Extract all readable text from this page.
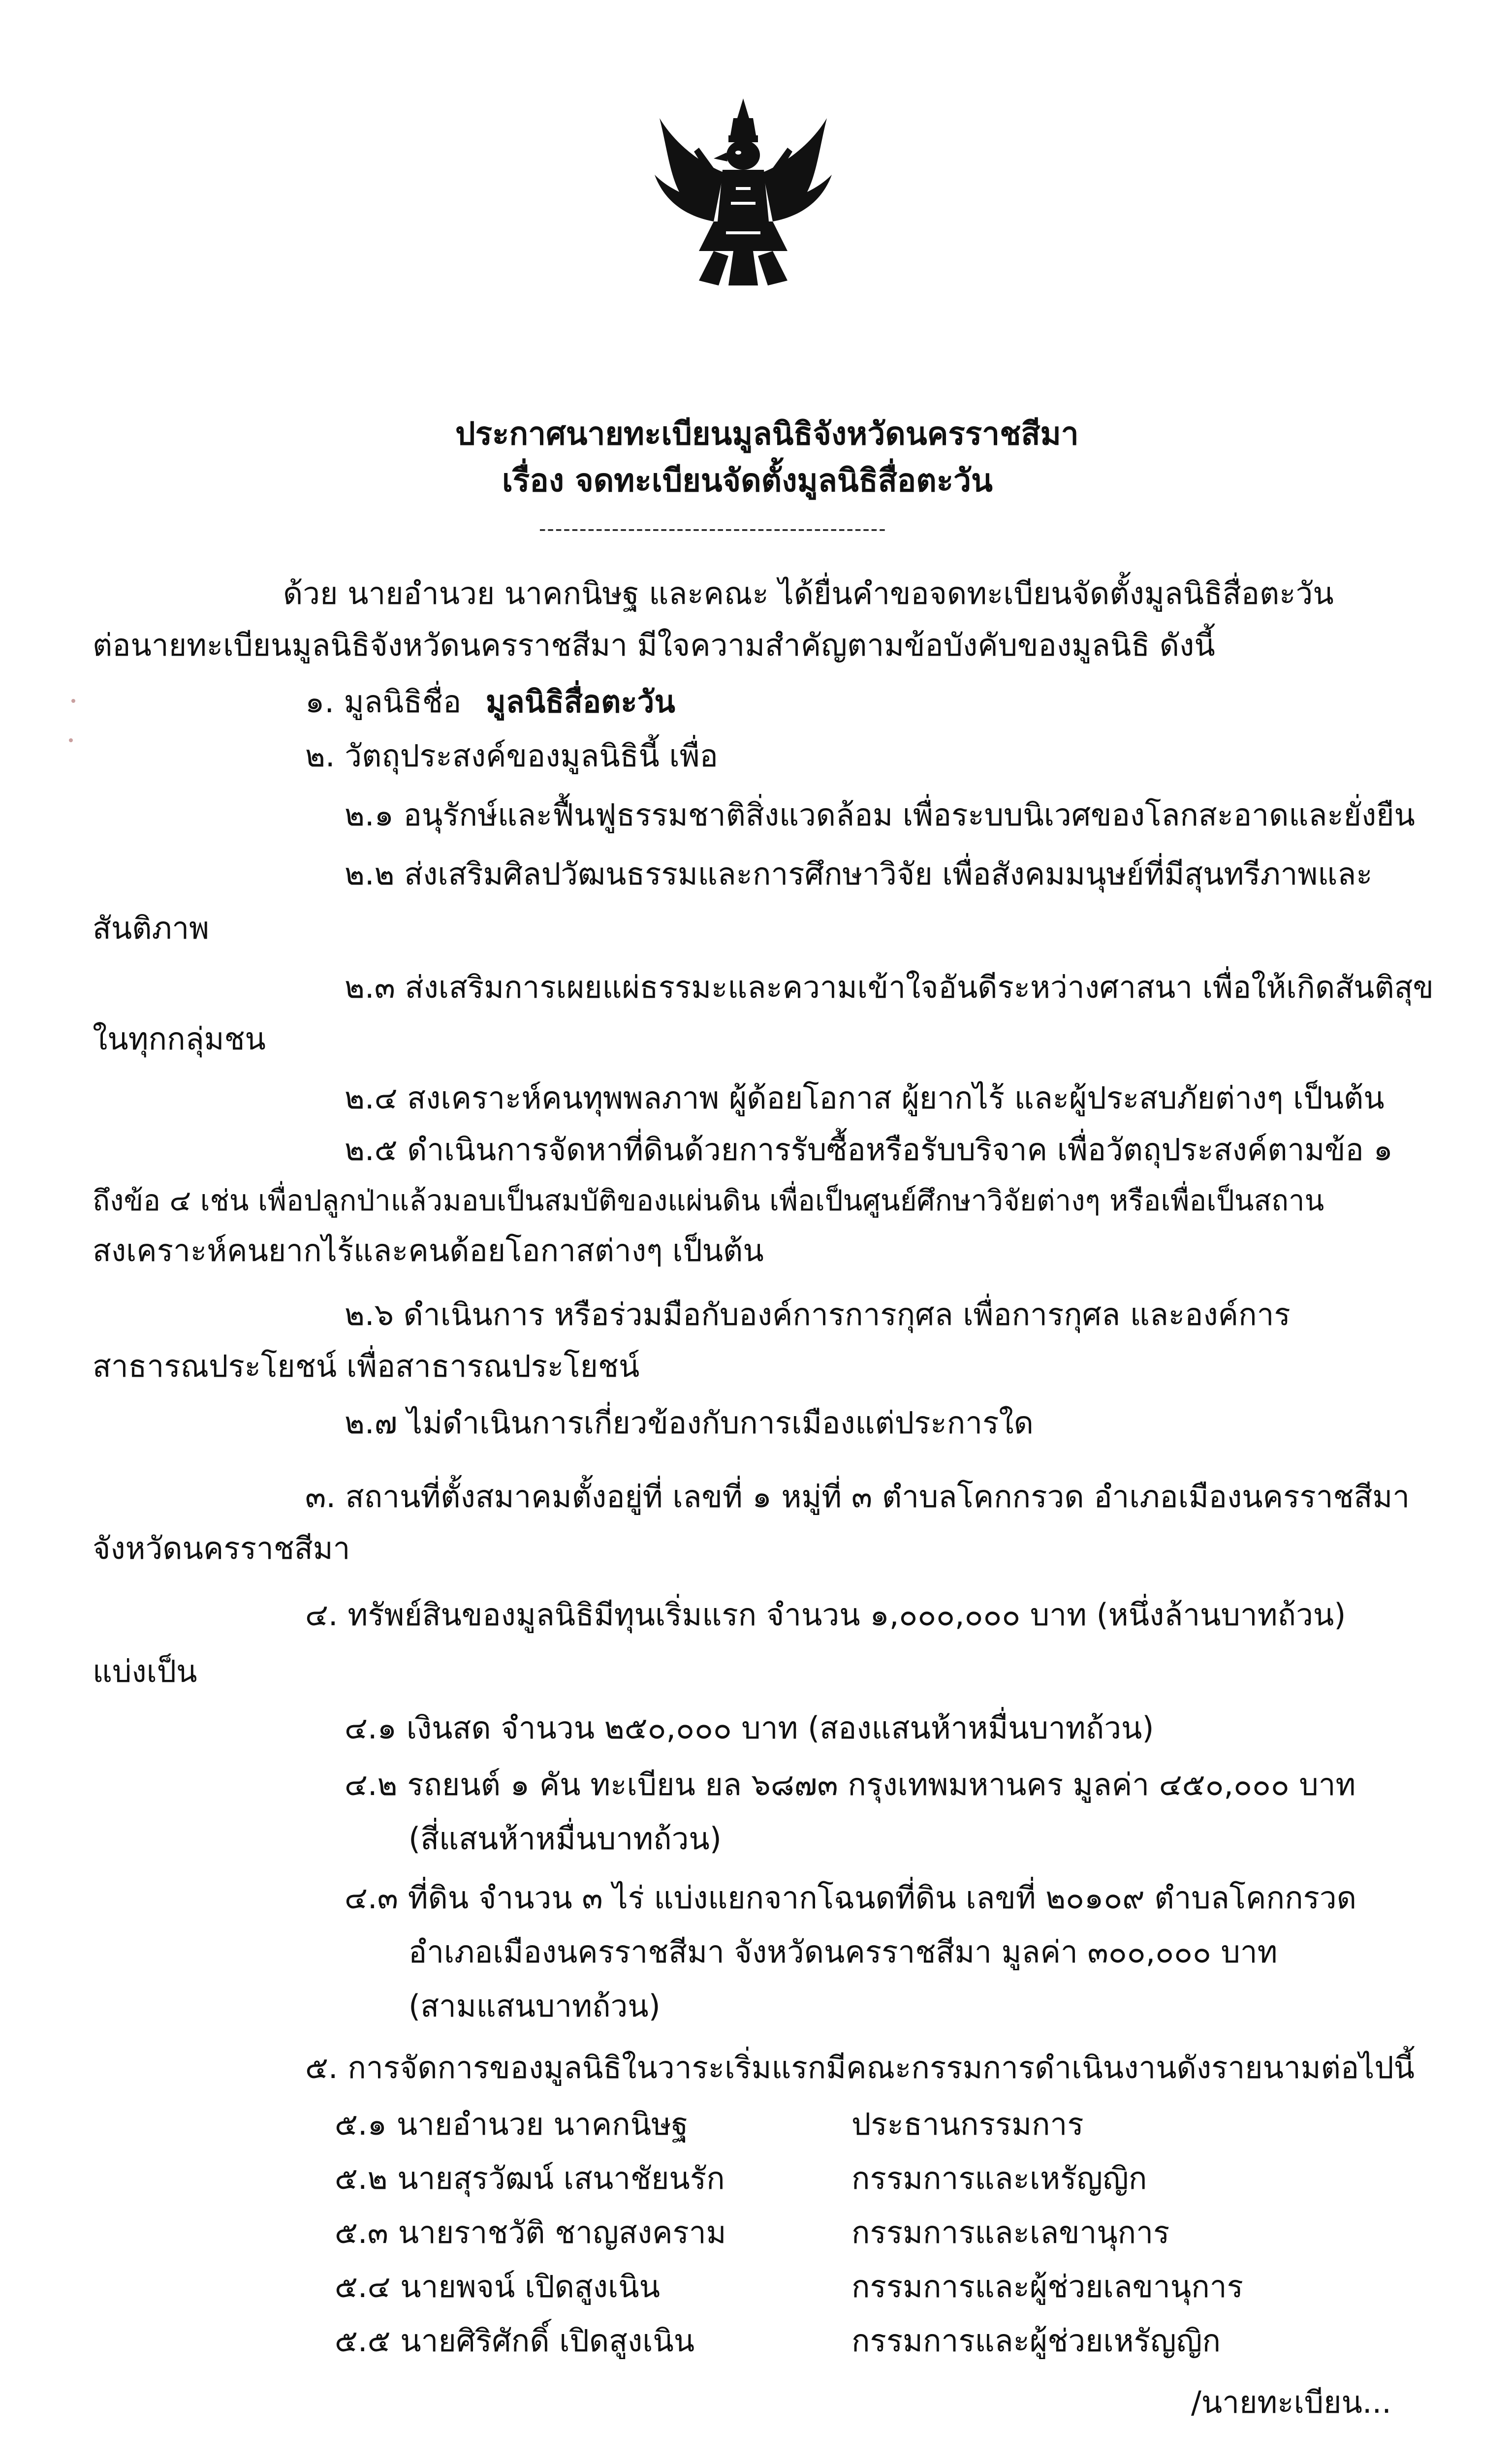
ประกาศนายทะเบียนมูลนิธิจังหวัดนครราชสีมา
เรื่อง จดทะเบียนจัดตั้งมูลนิธิสื่อตะวัน
-------------------------------------------
ด้วย นายอำนวย นาคกนิษฐ และคณะ ได้ยื่นคำขอจดทะเบียนจัดตั้งมูลนิธิสื่อตะวัน
ต่อนายทะเบียนมูลนิธิจังหวัดนครราชสีมา มีใจความสำคัญตามข้อบังคับของมูลนิธิ ดังนี้
๑. มูลนิธิชื่อ มูลนิธิสื่อตะวัน
๒. วัตถุประสงค์ของมูลนิธินี้ เพื่อ
๒.๑ อนุรักษ์และฟื้นฟูธรรมชาติสิ่งแวดล้อม เพื่อระบบนิเวศของโลกสะอาดและยั่งยืน
๒.๒ ส่งเสริมศิลปวัฒนธรรมและการศึกษาวิจัย เพื่อสังคมมนุษย์ที่มีสุนทรีภาพและ
สันติภาพ
๒.๓ ส่งเสริมการเผยแผ่ธรรมะและความเข้าใจอันดีระหว่างศาสนา เพื่อให้เกิดสันติสุข
ในทุกกลุ่มชน
๒.๔ สงเคราะห์คนทุพพลภาพ ผู้ด้อยโอกาส ผู้ยากไร้ และผู้ประสบภัยต่างๆ เป็นต้น
๒.๕ ดำเนินการจัดหาที่ดินด้วยการรับซื้อหรือรับบริจาค เพื่อวัตถุประสงค์ตามข้อ ๑
ถึงข้อ ๔ เช่น เพื่อปลูกป่าแล้วมอบเป็นสมบัติของแผ่นดิน เพื่อเป็นศูนย์ศึกษาวิจัยต่างๆ หรือเพื่อเป็นสถาน
สงเคราะห์คนยากไร้และคนด้อยโอกาสต่างๆ เป็นต้น
๒.๖ ดำเนินการ หรือร่วมมือกับองค์การการกุศล เพื่อการกุศล และองค์การ
สาธารณประโยชน์ เพื่อสาธารณประโยชน์
๒.๗ ไม่ดำเนินการเกี่ยวข้องกับการเมืองแต่ประการใด
๓. สถานที่ตั้งสมาคมตั้งอยู่ที่ เลขที่ ๑ หมู่ที่ ๓ ตำบลโคกกรวด อำเภอเมืองนครราชสีมา
จังหวัดนครราชสีมา
๔. ทรัพย์สินของมูลนิธิมีทุนเริ่มแรก จำนวน ๑,๐๐๐,๐๐๐ บาท (หนึ่งล้านบาทถ้วน)
แบ่งเป็น
๔.๑ เงินสด จำนวน ๒๕๐,๐๐๐ บาท (สองแสนห้าหมื่นบาทถ้วน)
๔.๒ รถยนต์ ๑ คัน ทะเบียน ยล ๖๘๗๓ กรุงเทพมหานคร มูลค่า ๔๕๐,๐๐๐ บาท
(สี่แสนห้าหมื่นบาทถ้วน)
๔.๓ ที่ดิน จำนวน ๓ ไร่ แบ่งแยกจากโฉนดที่ดิน เลขที่ ๒๐๑๐๙ ตำบลโคกกรวด
อำเภอเมืองนครราชสีมา จังหวัดนครราชสีมา มูลค่า ๓๐๐,๐๐๐ บาท
(สามแสนบาทถ้วน)
๕. การจัดการของมูลนิธิในวาระเริ่มแรกมีคณะกรรมการดำเนินงานดังรายนามต่อไปนี้
๕.๑ นายอำนวย นาคกนิษฐ	ประธานกรรมการ
๕.๒ นายสุรวัฒน์ เสนาชัยนรัก	กรรมการและเหรัญญิก
๕.๓ นายราชวัติ ชาญสงคราม	กรรมการและเลขานุการ
๕.๔ นายพจน์ เปิดสูงเนิน	กรรมการและผู้ช่วยเลขานุการ
๕.๕ นายศิริศักดิ์ เปิดสูงเนิน	กรรมการและผู้ช่วยเหรัญญิก
/นายทะเบียน...
